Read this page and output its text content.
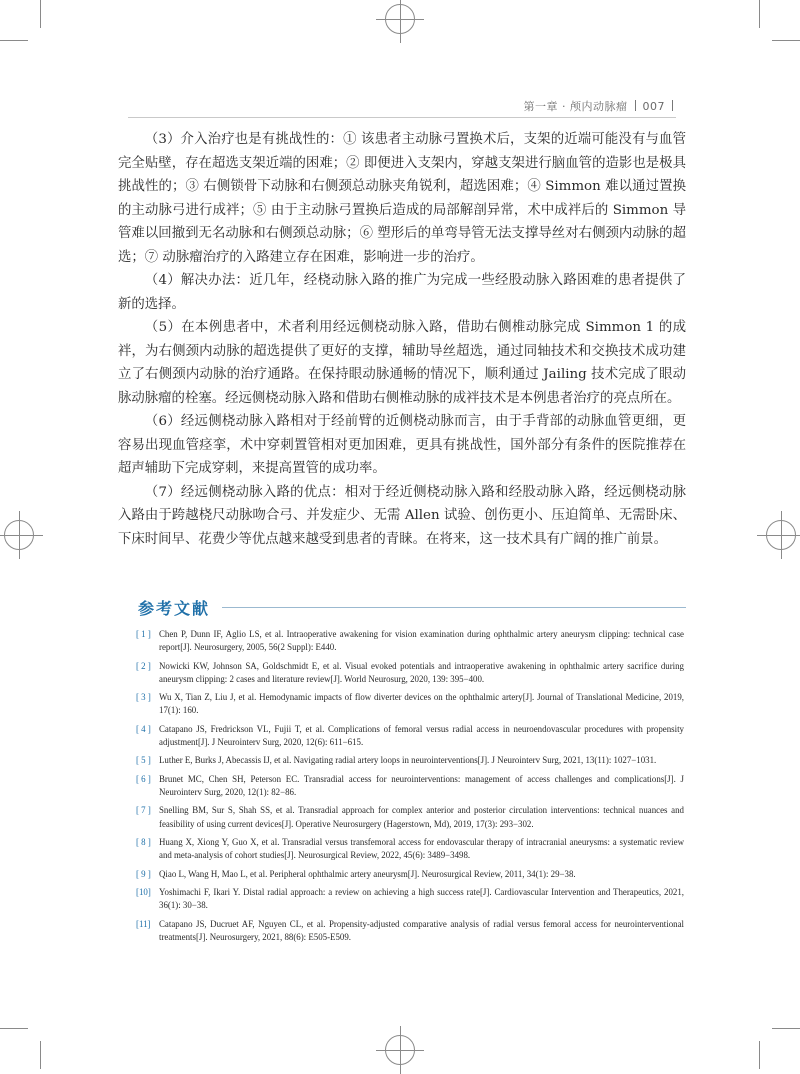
第一章 · 颅内动脉瘤 007

（3）介入治疗也是有挑战性的：① 该患者主动脉弓置换术后，支架的近端可能没有与血管完全贴壁，存在超选支架近端的困难；② 即便进入支架内，穿越支架进行脑血管的造影也是极具挑战性的；③ 右侧锁骨下动脉和右侧颈总动脉夹角锐利，超选困难；④ Simmon 难以通过置换的主动脉弓进行成袢；⑤ 由于主动脉弓置换后造成的局部解剖异常，术中成袢后的 Simmon 导管难以回撤到无名动脉和右侧颈总动脉；⑥ 塑形后的单弯导管无法支撑导丝对右侧颈内动脉的超选；⑦ 动脉瘤治疗的入路建立存在困难，影响进一步的治疗。

（4）解决办法：近几年，经桡动脉入路的推广为完成一些经股动脉入路困难的患者提供了新的选择。

（5）在本例患者中，术者利用经远侧桡动脉入路，借助右侧椎动脉完成 Simmon 1 的成袢，为右侧颈内动脉的超选提供了更好的支撑，辅助导丝超选，通过同轴技术和交换技术成功建立了右侧颈内动脉的治疗通路。在保持眼动脉通畅的情况下，顺利通过 Jailing 技术完成了眼动脉动脉瘤的栓塞。经远侧桡动脉入路和借助右侧椎动脉的成袢技术是本例患者治疗的亮点所在。

（6）经远侧桡动脉入路相对于经前臂的近侧桡动脉而言，由于手背部的动脉血管更细，更容易出现血管痉挛，术中穿刺置管相对更加困难，更具有挑战性，国外部分有条件的医院推荐在超声辅助下完成穿刺，来提高置管的成功率。

（7）经远侧桡动脉入路的优点：相对于经近侧桡动脉入路和经股动脉入路，经远侧桡动脉入路由于跨越桡尺动脉吻合弓、并发症少、无需 Allen 试验、创伤更小、压迫简单、无需卧床、下床时间早、花费少等优点越来越受到患者的青睐。在将来，这一技术具有广阔的推广前景。

参考文献
[ 1 ] Chen P, Dunn IF, Aglio LS, et al. Intraoperative awakening for vision examination during ophthalmic artery aneurysm clipping: technical case report[J]. Neurosurgery, 2005, 56(2 Suppl): E440.
[ 2 ] Nowicki KW, Johnson SA, Goldschmidt E, et al. Visual evoked potentials and intraoperative awakening in ophthalmic artery sacrifice during aneurysm clipping: 2 cases and literature review[J]. World Neurosurg, 2020, 139: 395−400.
[ 3 ] Wu X, Tian Z, Liu J, et al. Hemodynamic impacts of flow diverter devices on the ophthalmic artery[J]. Journal of Translational Medicine, 2019, 17(1): 160.
[ 4 ] Catapano JS, Fredrickson VL, Fujii T, et al. Complications of femoral versus radial access in neuroendovascular procedures with propensity adjustment[J]. J Neurointerv Surg, 2020, 12(6): 611−615.
[ 5 ] Luther E, Burks J, Abecassis IJ, et al. Navigating radial artery loops in neurointerventions[J]. J Neurointerv Surg, 2021, 13(11): 1027−1031.
[ 6 ] Brunet MC, Chen SH, Peterson EC. Transradial access for neurointerventions: management of access challenges and complications[J]. J Neurointerv Surg, 2020, 12(1): 82−86.
[ 7 ] Snelling BM, Sur S, Shah SS, et al. Transradial approach for complex anterior and posterior circulation interventions: technical nuances and feasibility of using current devices[J]. Operative Neurosurgery (Hagerstown, Md), 2019, 17(3): 293−302.
[ 8 ] Huang X, Xiong Y, Guo X, et al. Transradial versus transfemoral access for endovascular therapy of intracranial aneurysms: a systematic review and meta-analysis of cohort studies[J]. Neurosurgical Review, 2022, 45(6): 3489−3498.
[ 9 ] Qiao L, Wang H, Mao L, et al. Peripheral ophthalmic artery aneurysm[J]. Neurosurgical Review, 2011, 34(1): 29−38.
[10] Yoshimachi F, Ikari Y. Distal radial approach: a review on achieving a high success rate[J]. Cardiovascular Intervention and Therapeutics, 2021, 36(1): 30−38.
[11] Catapano JS, Ducruet AF, Nguyen CL, et al. Propensity-adjusted comparative analysis of radial versus femoral access for neurointerventional treatments[J]. Neurosurgery, 2021, 88(6): E505-E509.
